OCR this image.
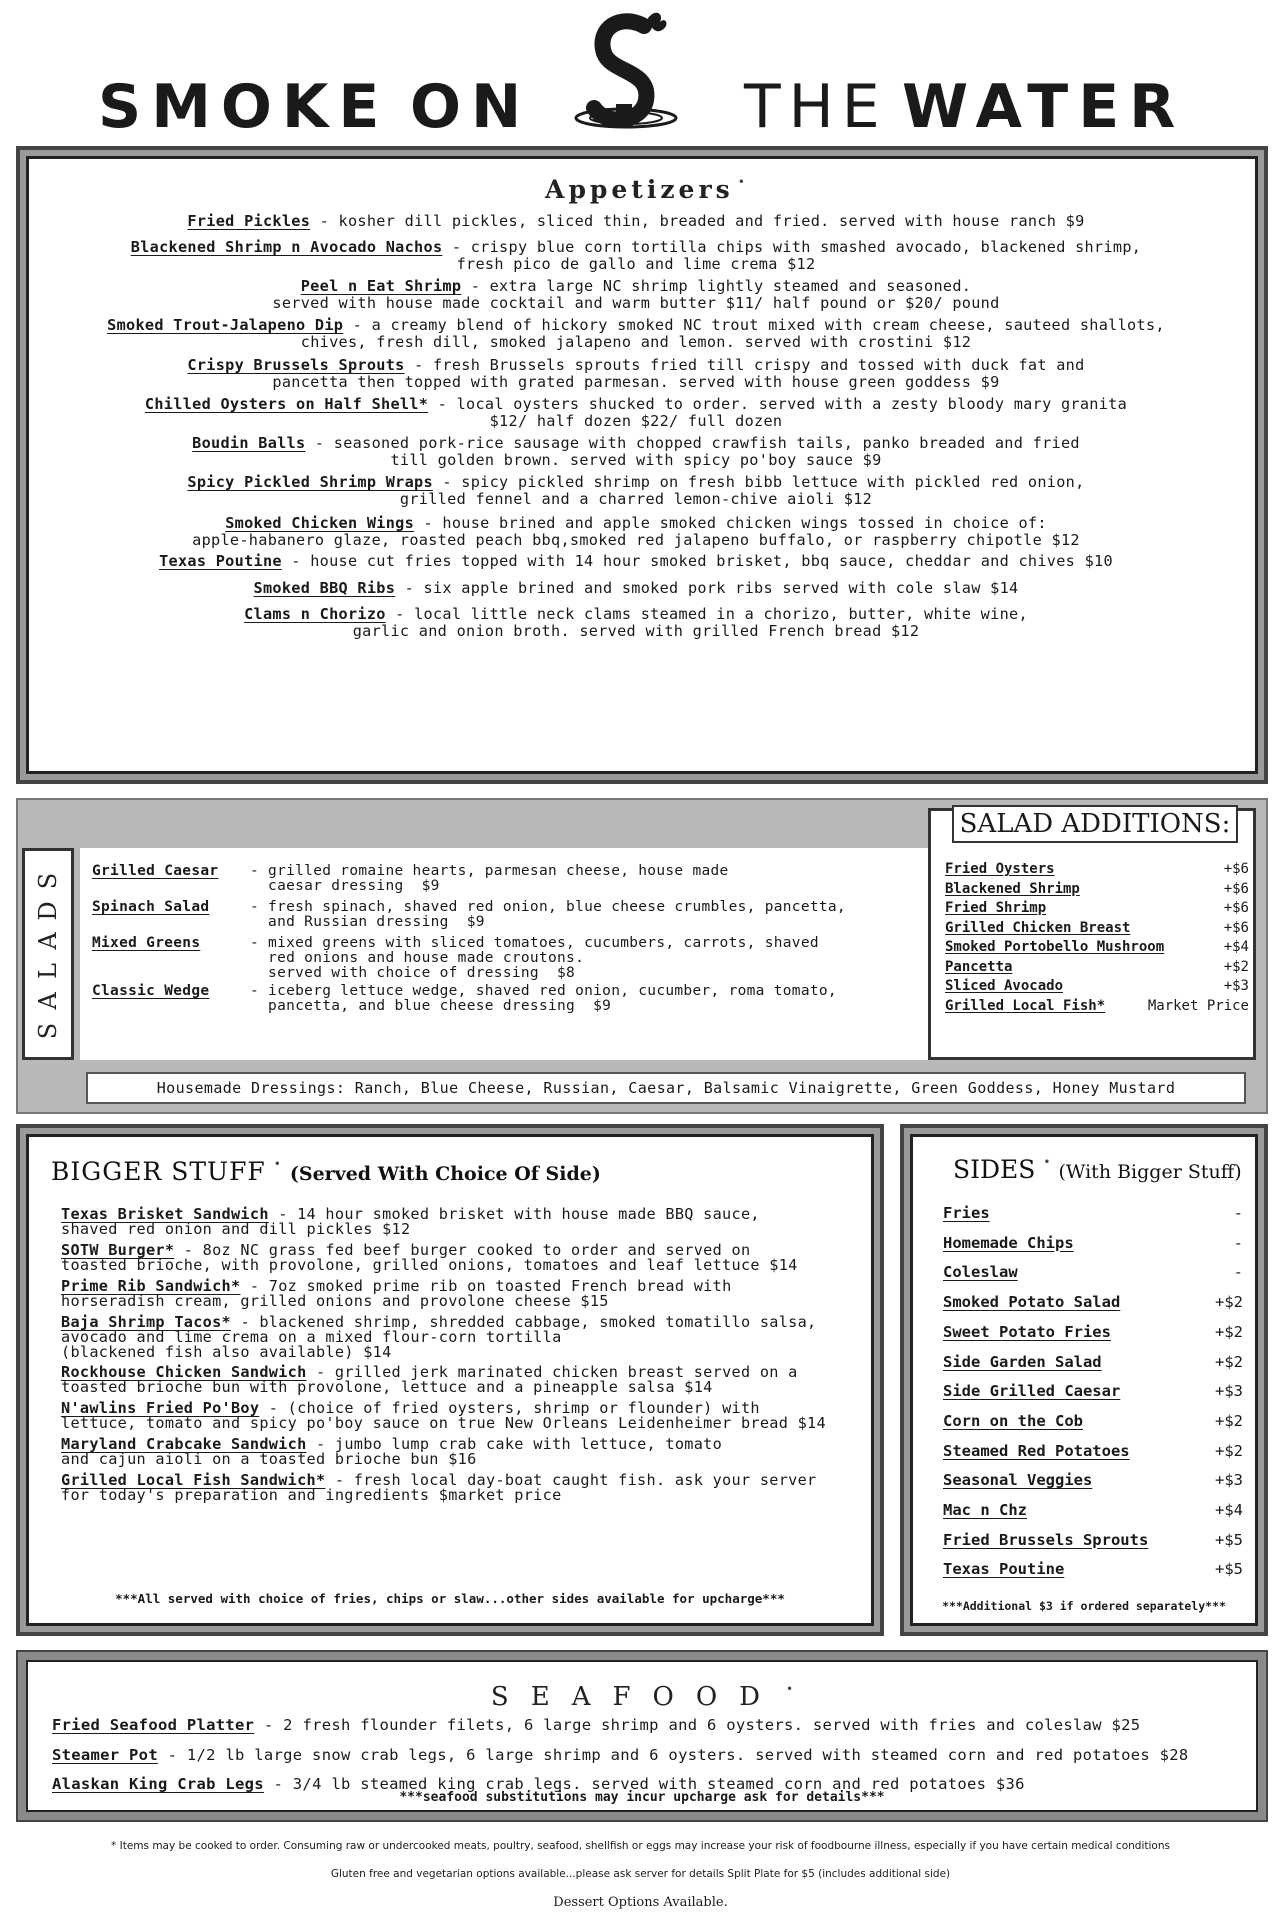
SMOKE ON	THE WATER
Appetizers •
Fried Pickles - kosher dill pickles, sliced thin, breaded and fried. served with house ranch $9
Blackened Shrimp n Avocado Nachos - crispy blue corn tortilla chips with smashed avocado, blackened shrimp,
fresh pico de gallo and lime crema $12
Peel n Eat Shrimp - extra large NC shrimp lightly steamed and seasoned.
served with house made cocktail and warm butter $11/ half pound or $20/ pound
Smoked Trout-Jalapeno Dip - a creamy blend of hickory smoked NC trout mixed with cream cheese, sauteed shallots,
chives, fresh dill, smoked jalapeno and lemon. served with crostini $12
Crispy Brussels Sprouts - fresh Brussels sprouts fried till crispy and tossed with duck fat and
pancetta then topped with grated parmesan. served with house green goddess $9
Chilled Oysters on Half Shell* - local oysters shucked to order. served with a zesty bloody mary granita
$12/ half dozen $22/ full dozen
Boudin Balls - seasoned pork-rice sausage with chopped crawfish tails, panko breaded and fried
till golden brown. served with spicy po'boy sauce $9
Spicy Pickled Shrimp Wraps - spicy pickled shrimp on fresh bibb lettuce with pickled red onion,
grilled fennel and a charred lemon-chive aioli $12
Smoked Chicken Wings - house brined and apple smoked chicken wings tossed in choice of:
apple-habanero glaze, roasted peach bbq,smoked red jalapeno buffalo, or raspberry chipotle $12
Texas Poutine - house cut fries topped with 14 hour smoked brisket, bbq sauce, cheddar and chives $10
Smoked BBQ Ribs - six apple brined and smoked pork ribs served with cole slaw $14
Clams n Chorizo - local little neck clams steamed in a chorizo, butter, white wine,
garlic and onion broth. served with grilled French bread $12
S
A
L
A
D
S
Grilled Caesar - grilled romaine hearts, parmesan cheese, house made
caesar dressing  $9
Spinach Salad	- fresh spinach, shaved red onion, blue cheese crumbles, pancetta,
and Russian dressing  $9
Mixed Greens	- mixed greens with sliced tomatoes, cucumbers, carrots, shaved
red onions and house made croutons.
served with choice of dressing  $8
Classic Wedge	- iceberg lettuce wedge, shaved red onion, cucumber, roma tomato,
pancetta, and blue cheese dressing  $9
Fried Oysters	+$6
Blackened Shrimp	+$6
Fried Shrimp	+$6
Grilled Chicken Breast	+$6
Smoked Portobello Mushroom	+$4
Pancetta	+$2
Sliced Avocado	+$3
Grilled Local Fish*	Market Price
SALAD ADDITIONS:
Housemade Dressings: Ranch, Blue Cheese, Russian, Caesar, Balsamic Vinaigrette, Green Goddess, Honey Mustard
BIGGER STUFF • (Served With Choice Of Side)
Texas Brisket Sandwich - 14 hour smoked brisket with house made BBQ sauce,
shaved red onion and dill pickles $12
SOTW Burger* - 8oz NC grass fed beef burger cooked to order and served on
toasted brioche, with provolone, grilled onions, tomatoes and leaf lettuce $14
Prime Rib Sandwich* - 7oz smoked prime rib on toasted French bread with
horseradish cream, grilled onions and provolone cheese $15
Baja Shrimp Tacos* - blackened shrimp, shredded cabbage, smoked tomatillo salsa,
avocado and lime crema on a mixed flour-corn tortilla
(blackened fish also available) $14
Rockhouse Chicken Sandwich - grilled jerk marinated chicken breast served on a
toasted brioche bun with provolone, lettuce and a pineapple salsa $14
N'awlins Fried Po'Boy - (choice of fried oysters, shrimp or flounder) with
lettuce, tomato and spicy po'boy sauce on true New Orleans Leidenheimer bread $14
Maryland Crabcake Sandwich - jumbo lump crab cake with lettuce, tomato
and cajun aioli on a toasted brioche bun $16
Grilled Local Fish Sandwich* - fresh local day-boat caught fish. ask your server
for today's preparation and ingredients $market price
***All served with choice of fries, chips or slaw...other sides available for upcharge***
SIDES • (With Bigger Stuff)
Fries	-
Homemade Chips	-
Coleslaw	-
Smoked Potato Salad	+$2
Sweet Potato Fries	+$2
Side Garden Salad	+$2
Side Grilled Caesar	+$3
Corn on the Cob	+$2
Steamed Red Potatoes	+$2
Seasonal Veggies	+$3
Mac n Chz	+$4
Fried Brussels Sprouts	+$5
Texas Poutine	+$5
***Additional $3 if ordered separately***
SEAFOOD •
Fried Seafood Platter - 2 fresh flounder filets, 6 large shrimp and 6 oysters. served with fries and coleslaw $25
Steamer Pot - 1/2 lb large snow crab legs, 6 large shrimp and 6 oysters. served with steamed corn and red potatoes $28
Alaskan King Crab Legs - 3/4 lb steamed king crab legs. served with steamed corn and red potatoes $36
***seafood substitutions may incur upcharge ask for details***
* Items may be cooked to order. Consuming raw or undercooked meats, poultry, seafood, shellfish or eggs may increase your risk of foodbourne illness, especially if you have certain medical conditions
Gluten free and vegetarian options available...please ask server for details Split Plate for $5 (includes additional side)
Dessert Options Available.
